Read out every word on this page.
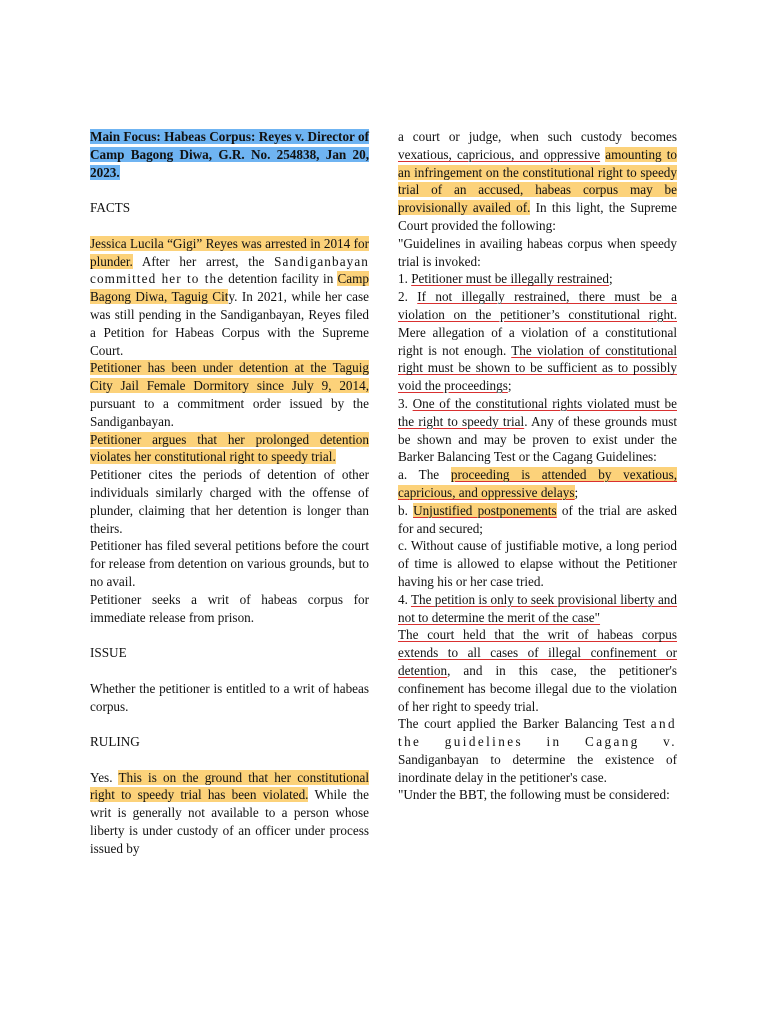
Main Focus: Habeas Corpus: Reyes v. Director of Camp Bagong Diwa, G.R. No. 254838, Jan 20, 2023.

FACTS

Jessica Lucila “Gigi” Reyes was arrested in 2014 for plunder. After her arrest, the Sandiganbayan committed her to the detention facility in Camp Bagong Diwa, Taguig City. In 2021, while her case was still pending in the Sandiganbayan, Reyes filed a Petition for Habeas Corpus with the Supreme Court.

Petitioner has been under detention at the Taguig City Jail Female Dormitory since July 9, 2014, pursuant to a commitment order issued by the Sandiganbayan.

Petitioner argues that her prolonged detention violates her constitutional right to speedy trial.

Petitioner cites the periods of detention of other individuals similarly charged with the offense of plunder, claiming that her detention is longer than theirs.

Petitioner has filed several petitions before the court for release from detention on various grounds, but to no avail.

Petitioner seeks a writ of habeas corpus for immediate release from prison.

ISSUE

Whether the petitioner is entitled to a writ of habeas corpus.

RULING

Yes. This is on the ground that her constitutional right to speedy trial has been violated. While the writ is generally not available to a person whose liberty is under custody of an officer under process issued by

a court or judge, when such custody becomes vexatious, capricious, and oppressive amounting to an infringement on the constitutional right to speedy trial of an accused, habeas corpus may be provisionally availed of. In this light, the Supreme Court provided the following:

"Guidelines in availing habeas corpus when speedy trial is invoked:

1. Petitioner must be illegally restrained;

2. If not illegally restrained, there must be a violation on the petitioner’s constitutional right. Mere allegation of a violation of a constitutional right is not enough. The violation of constitutional right must be shown to be sufficient as to possibly void the proceedings;

3. One of the constitutional rights violated must be the right to speedy trial. Any of these grounds must be shown and may be proven to exist under the Barker Balancing Test or the Cagang Guidelines:

a. The proceeding is attended by vexatious, capricious, and oppressive delays;

b. Unjustified postponements of the trial are asked for and secured;

c. Without cause of justifiable motive, a long period of time is allowed to elapse without the Petitioner having his or her case tried.

4. The petition is only to seek provisional liberty and not to determine the merit of the case"

The court held that the writ of habeas corpus extends to all cases of illegal confinement or detention, and in this case, the petitioner's confinement has become illegal due to the violation of her right to speedy trial.

The court applied the Barker Balancing Test and the guidelines in Cagang v. Sandiganbayan to determine the existence of inordinate delay in the petitioner's case.

"Under the BBT, the following must be considered:
